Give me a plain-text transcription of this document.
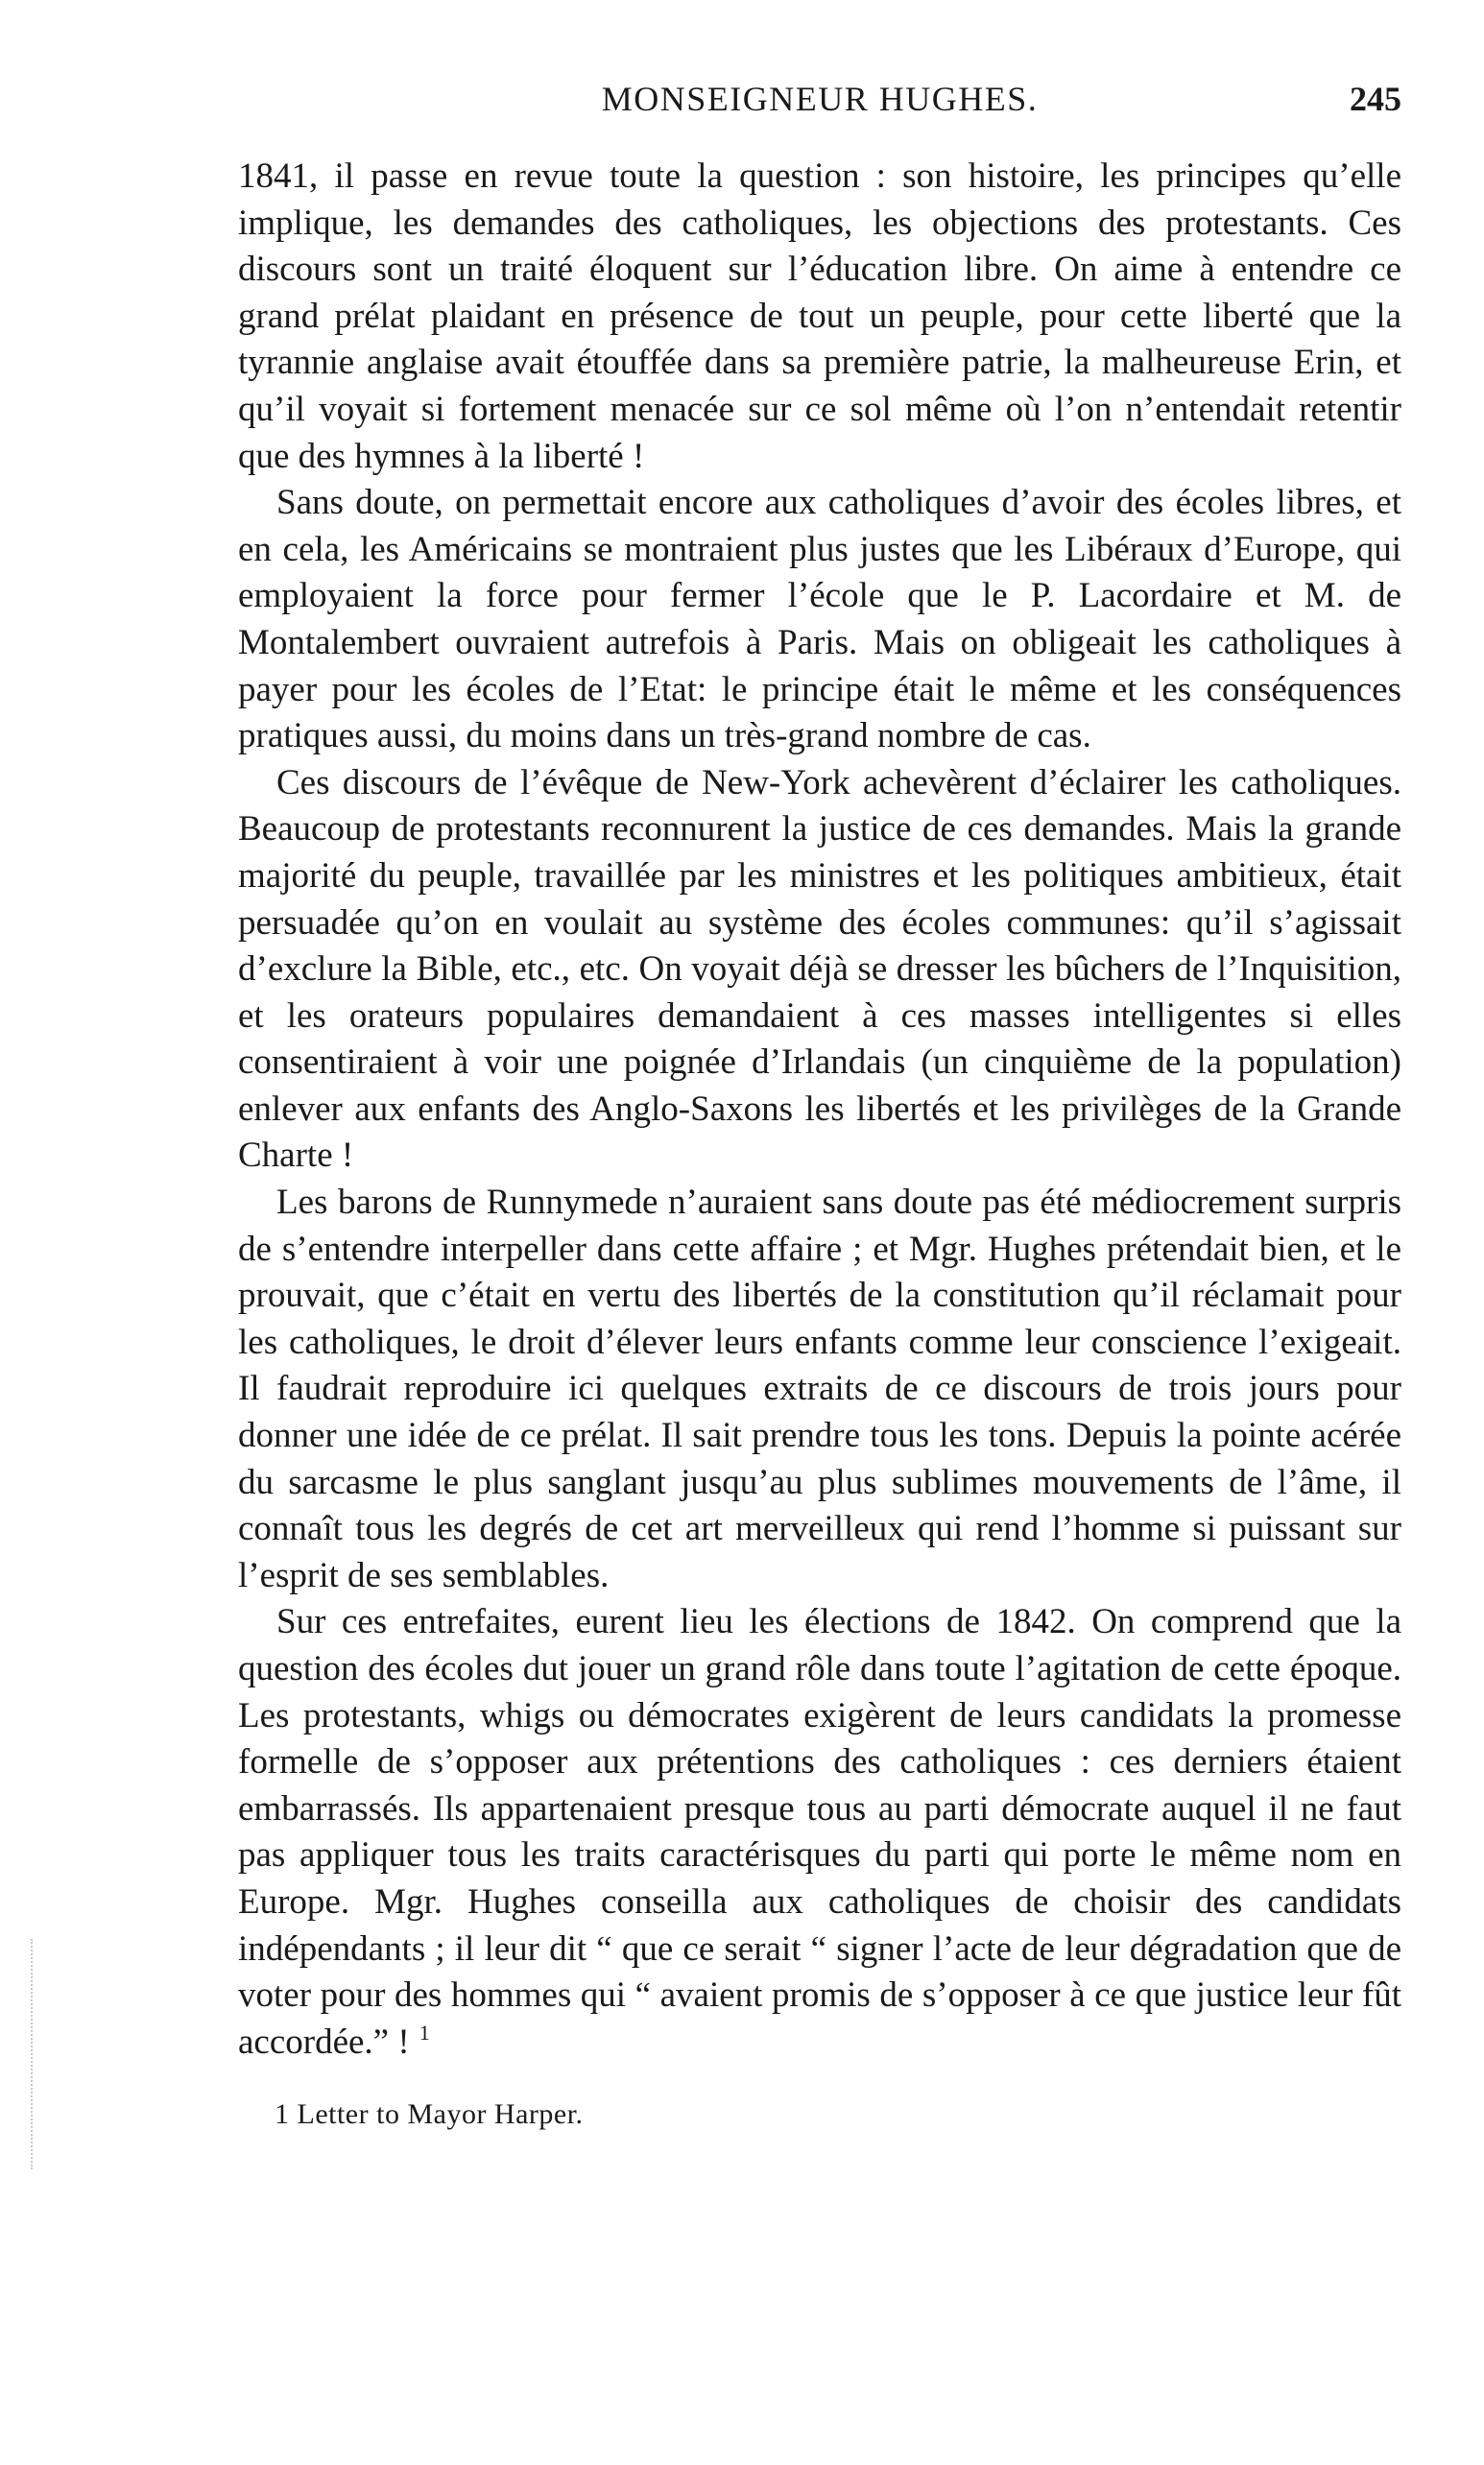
MONSEIGNEUR HUGHES.	245

1841, il passe en revue toute la question : son histoire, les principes qu’elle implique, les demandes des catholiques, les objections des protestants. Ces discours sont un traité éloquent sur l’éducation libre. On aime à entendre ce grand prélat plaidant en présence de tout un peuple, pour cette liberté que la tyrannie anglaise avait étouffée dans sa première patrie, la malheureuse Erin, et qu’il voyait si fortement menacée sur ce sol même où l’on n’entendait retentir que des hymnes à la liberté !

Sans doute, on permettait encore aux catholiques d’avoir des écoles libres, et en cela, les Américains se montraient plus justes que les Libéraux d’Europe, qui employaient la force pour fermer l’école que le P. Lacordaire et M. de Montalembert ouvraient autrefois à Paris. Mais on obligeait les catholiques à payer pour les écoles de l’Etat: le principe était le même et les conséquences pratiques aussi, du moins dans un très-grand nombre de cas.

Ces discours de l’évêque de New-York achevèrent d’éclairer les catholiques. Beaucoup de protestants reconnurent la justice de ces demandes. Mais la grande majorité du peuple, travaillée par les ministres et les politiques ambitieux, était persuadée qu’on en voulait au système des écoles communes: qu’il s’agissait d’exclure la Bible, etc., etc. On voyait déjà se dresser les bûchers de l’Inquisition, et les orateurs populaires demandaient à ces masses intelligentes si elles consentiraient à voir une poignée d’Irlandais (un cinquième de la population) enlever aux enfants des Anglo-Saxons les libertés et les privilèges de la Grande Charte !

Les barons de Runnymede n’auraient sans doute pas été médiocrement surpris de s’entendre interpeller dans cette affaire ; et Mgr. Hughes prétendait bien, et le prouvait, que c’était en vertu des libertés de la constitution qu’il réclamait pour les catholiques, le droit d’élever leurs enfants comme leur conscience l’exigeait. Il faudrait reproduire ici quelques extraits de ce discours de trois jours pour donner une idée de ce prélat. Il sait prendre tous les tons. Depuis la pointe acérée du sarcasme le plus sanglant jusqu’au plus sublimes mouvements de l’âme, il connaît tous les degrés de cet art merveilleux qui rend l’homme si puissant sur l’esprit de ses semblables.

Sur ces entrefaites, eurent lieu les élections de 1842. On comprend que la question des écoles dut jouer un grand rôle dans toute l’agitation de cette époque. Les protestants, whigs ou démocrates exigèrent de leurs candidats la promesse formelle de s’opposer aux prétentions des catholiques : ces derniers étaient embarrassés. Ils appartenaient presque tous au parti démocrate auquel il ne faut pas appliquer tous les traits caractérisques du parti qui porte le même nom en Europe. Mgr. Hughes conseilla aux catholiques de choisir des candidats indépendants ; il leur dit “ que ce serait “ signer l’acte de leur dégradation que de voter pour des hommes qui “ avaient promis de s’opposer à ce que justice leur fût accordée.” ! $^1$

1 Letter to Mayor Harper.
